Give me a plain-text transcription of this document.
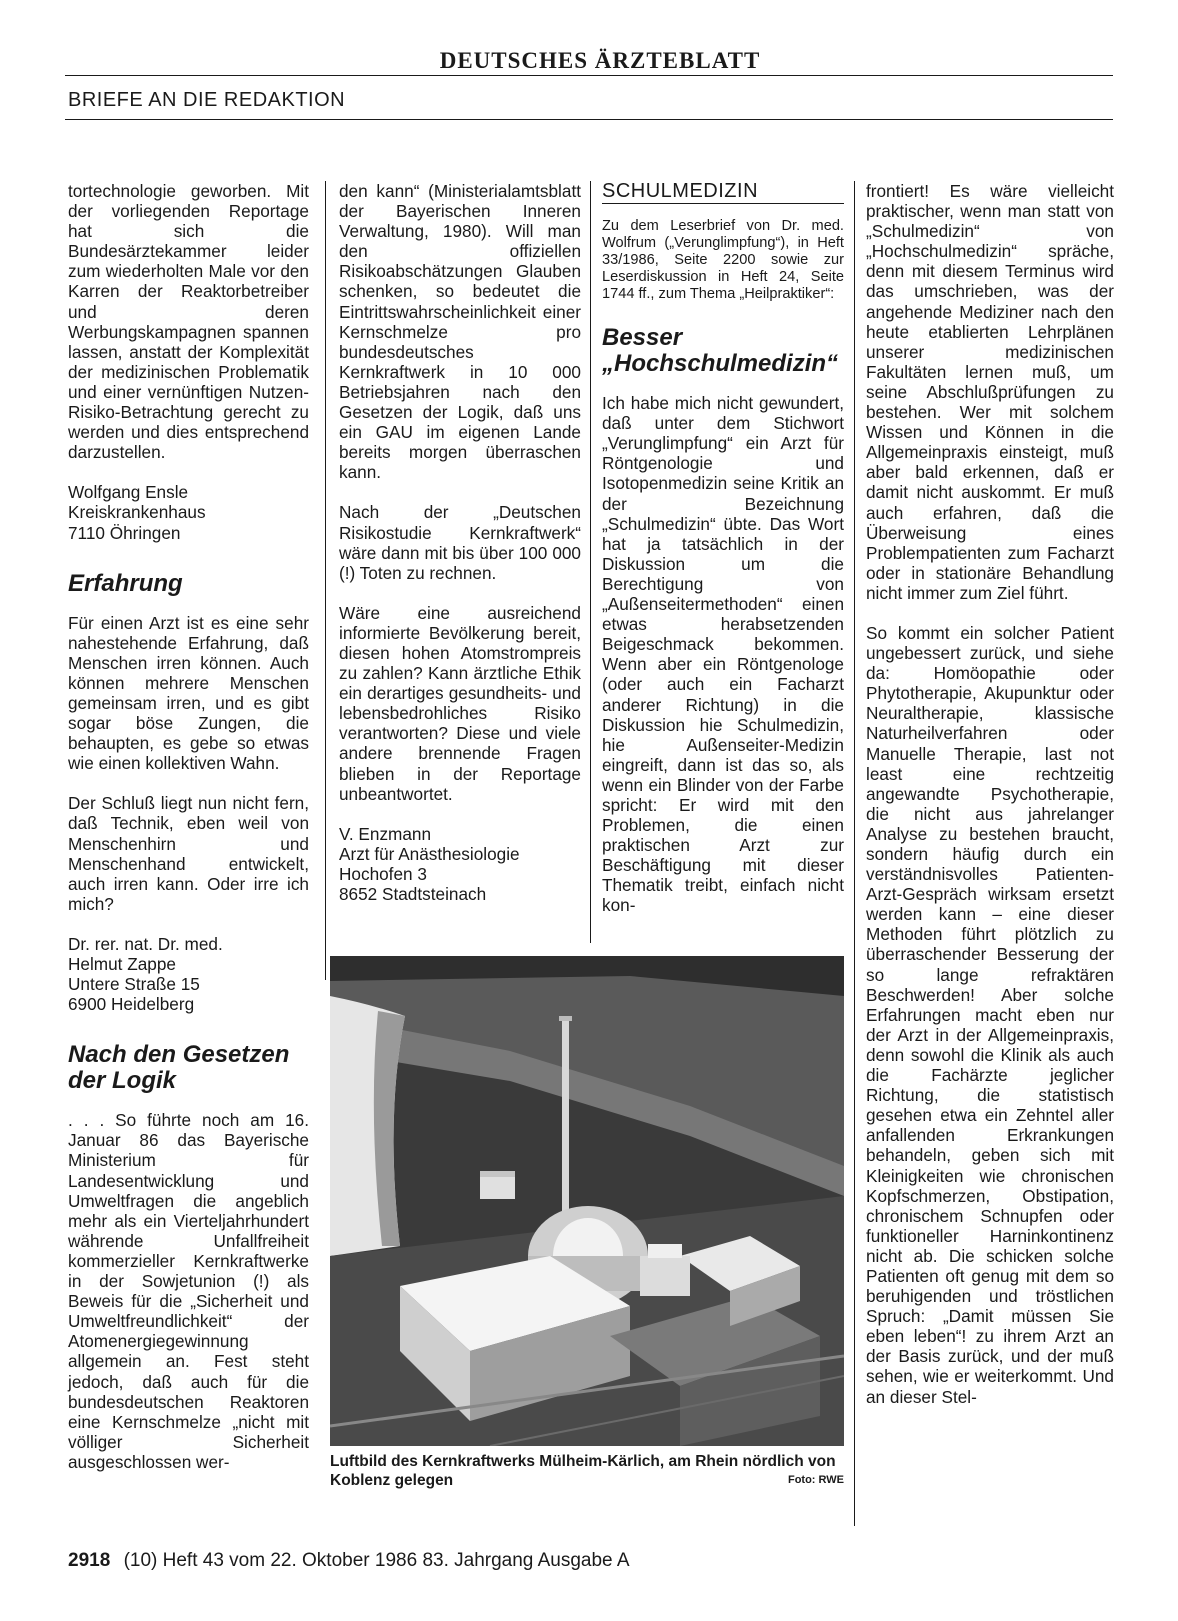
DEUTSCHES ÄRZTEBLATT
BRIEFE AN DIE REDAKTION

tortechnologie geworben. Mit der vorliegenden Reportage hat sich die Bundesärztekammer leider zum wiederholten Male vor den Karren der Reaktorbetreiber und deren Werbungskampagnen spannen lassen, anstatt der Komplexität der medizinischen Problematik und einer vernünftigen Nutzen-Risiko-Betrachtung gerecht zu werden und dies entsprechend darzustellen.

Wolfgang Ensle
Kreiskrankenhaus
7110 Öhringen
Erfahrung

Für einen Arzt ist es eine sehr nahestehende Erfahrung, daß Menschen irren können. Auch können mehrere Menschen gemeinsam irren, und es gibt sogar böse Zungen, die behaupten, es gebe so etwas wie einen kollektiven Wahn.

Der Schluß liegt nun nicht fern, daß Technik, eben weil von Menschenhirn und Menschenhand entwickelt, auch irren kann. Oder irre ich mich?

Dr. rer. nat. Dr. med.
Helmut Zappe
Untere Straße 15
6900 Heidelberg
Nach den Gesetzen der Logik

. . . So führte noch am 16. Januar 86 das Bayerische Ministerium für Landesentwicklung und Umweltfragen die angeblich mehr als ein Vierteljahrhundert währende Unfallfreiheit kommerzieller Kernkraftwerke in der Sowjetunion (!) als Beweis für die „Sicherheit und Umweltfreundlichkeit“ der Atomenergiegewinnung allgemein an. Fest steht jedoch, daß auch für die bundesdeutschen Reaktoren eine Kernschmelze „nicht mit völliger Sicherheit ausgeschlossen wer-

den kann“ (Ministerialamtsblatt der Bayerischen Inneren Verwaltung, 1980). Will man den offiziellen Risikoabschätzungen Glauben schenken, so bedeutet die Eintrittswahrscheinlichkeit einer Kernschmelze pro bundesdeutsches Kernkraftwerk in 10 000 Betriebsjahren nach den Gesetzen der Logik, daß uns ein GAU im eigenen Lande bereits morgen überraschen kann.

Nach der „Deutschen Risikostudie Kernkraftwerk“ wäre dann mit bis über 100 000 (!) Toten zu rechnen.

Wäre eine ausreichend informierte Bevölkerung bereit, diesen hohen Atomstrompreis zu zahlen? Kann ärztliche Ethik ein derartiges gesundheits- und lebensbedrohliches Risiko verantworten? Diese und viele andere brennende Fragen blieben in der Reportage unbeantwortet.

V. Enzmann
Arzt für Anästhesiologie
Hochofen 3
8652 Stadtsteinach
SCHULMEDIZIN
Zu dem Leserbrief von Dr. med. Wolfrum („Verunglimpfung“), in Heft 33/1986, Seite 2200 sowie zur Leserdiskussion in Heft 24, Seite 1744 ff., zum Thema „Heilpraktiker“:
Besser
„Hochschulmedizin“

Ich habe mich nicht gewundert, daß unter dem Stichwort „Verunglimpfung“ ein Arzt für Röntgenologie und Isotopenmedizin seine Kritik an der Bezeichnung „Schulmedizin“ übte. Das Wort hat ja tatsächlich in der Diskussion um die Berechtigung von „Außenseitermethoden“ einen etwas herabsetzenden Beigeschmack bekommen. Wenn aber ein Röntgenologe (oder auch ein Facharzt anderer Richtung) in die Diskussion hie Schulmedizin, hie Außenseiter-Medizin eingreift, dann ist das so, als wenn ein Blinder von der Farbe spricht: Er wird mit den Problemen, die einen praktischen Arzt zur Beschäftigung mit dieser Thematik treibt, einfach nicht kon-

frontiert! Es wäre vielleicht praktischer, wenn man statt von „Schulmedizin“ von „Hochschulmedizin“ spräche, denn mit diesem Terminus wird das umschrieben, was der angehende Mediziner nach den heute etablierten Lehrplänen unserer medizinischen Fakultäten lernen muß, um seine Abschlußprüfungen zu bestehen. Wer mit solchem Wissen und Können in die Allgemeinpraxis einsteigt, muß aber bald erkennen, daß er damit nicht auskommt. Er muß auch erfahren, daß die Überweisung eines Problempatienten zum Facharzt oder in stationäre Behandlung nicht immer zum Ziel führt.

So kommt ein solcher Patient ungebessert zurück, und siehe da: Homöopathie oder Phytotherapie, Akupunktur oder Neuraltherapie, klassische Naturheilverfahren oder Manuelle Therapie, last not least eine rechtzeitig angewandte Psychotherapie, die nicht aus jahrelanger Analyse zu bestehen braucht, sondern häufig durch ein verständnisvolles Patienten-Arzt-Gespräch wirksam ersetzt werden kann – eine dieser Methoden führt plötzlich zu überraschender Besserung der so lange refraktären Beschwerden! Aber solche Erfahrungen macht eben nur der Arzt in der Allgemeinpraxis, denn sowohl die Klinik als auch die Fachärzte jeglicher Richtung, die statistisch gesehen etwa ein Zehntel aller anfallenden Erkrankungen behandeln, geben sich mit Kleinigkeiten wie chronischen Kopfschmerzen, Obstipation, chronischem Schnupfen oder funktioneller Harninkontinenz nicht ab. Die schicken solche Patienten oft genug mit dem so beruhigenden und tröstlichen Spruch: „Damit müssen Sie eben leben“! zu ihrem Arzt an der Basis zurück, und der muß sehen, wie er weiterkommt. Und an dieser Stel-

Luftbild des Kernkraftwerks Mülheim-Kärlich, am Rhein nördlich von Koblenz gelegen	Foto: RWE
2918 (10) Heft 43 vom 22. Oktober 1986 83. Jahrgang Ausgabe A
